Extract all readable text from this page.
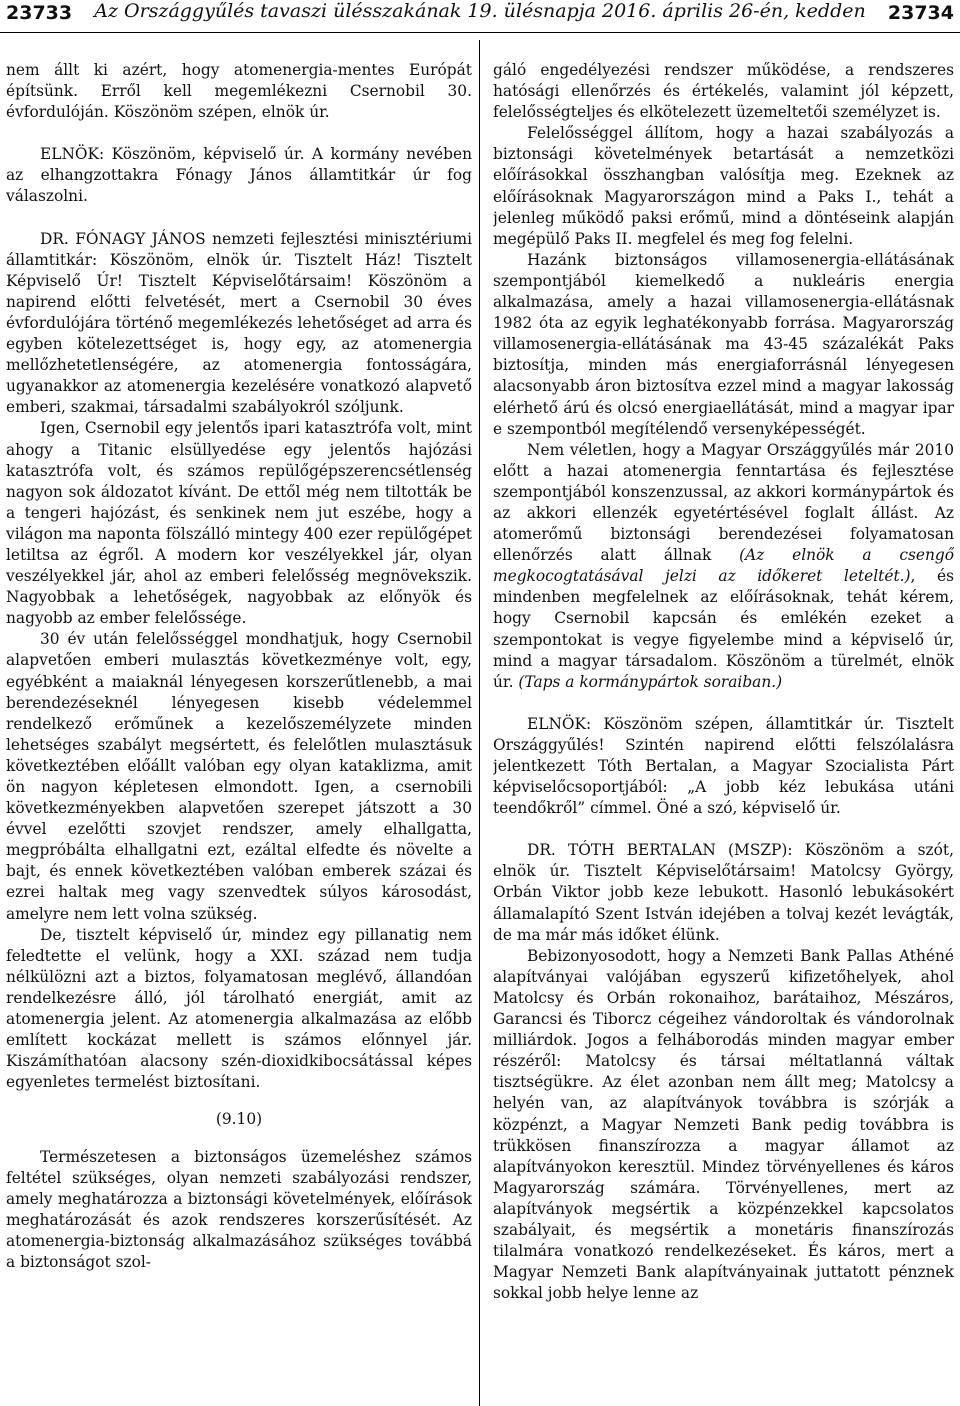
23733	Az Országgyűlés tavaszi ülésszakának 19. ülésnapja 2016. április 26-én, kedden	23734

nem állt ki azért, hogy atomenergia-mentes Európát építsünk. Erről kell megemlékezni Csernobil 30. évfordulóján. Köszönöm szépen, elnök úr.

ELNÖK: Köszönöm, képviselő úr. A kormány nevében az elhangzottakra Fónagy János államtitkár úr fog válaszolni.

DR. FÓNAGY JÁNOS nemzeti fejlesztési minisztériumi államtitkár: Köszönöm, elnök úr. Tisztelt Ház! Tisztelt Képviselő Úr! Tisztelt Képviselőtársaim! Köszönöm a napirend előtti felvetését, mert a Csernobil 30 éves évfordulójára történő megemlékezés lehetőséget ad arra és egyben kötelezettséget is, hogy egy, az atomenergia mellőzhetetlenségére, az atomenergia fontosságára, ugyanakkor az atomenergia kezelésére vonatkozó alapvető emberi, szakmai, társadalmi szabályokról szóljunk.

Igen, Csernobil egy jelentős ipari katasztrófa volt, mint ahogy a Titanic elsüllyedése egy jelentős hajózási katasztrófa volt, és számos repülőgépszerencsétlenség nagyon sok áldozatot kívánt. De ettől még nem tiltották be a tengeri hajózást, és senkinek nem jut eszébe, hogy a világon ma naponta fölszálló mintegy 400 ezer repülőgépet letiltsa az égről. A modern kor veszélyekkel jár, olyan veszélyekkel jár, ahol az emberi felelősség megnövekszik. Nagyobbak a lehetőségek, nagyobbak az előnyök és nagyobb az ember felelőssége.

30 év után felelősséggel mondhatjuk, hogy Csernobil alapvetően emberi mulasztás következménye volt, egy, egyébként a maiaknál lényegesen korszerűtlenebb, a mai berendezéseknél lényegesen kisebb védelemmel rendelkező erőműnek a kezelőszemélyzete minden lehetséges szabályt megsértett, és felelőtlen mulasztásuk következtében előállt valóban egy olyan kataklizma, amit ön nagyon képletesen elmondott. Igen, a csernobili következményekben alapvetően szerepet játszott a 30 évvel ezelőtti szovjet rendszer, amely elhallgatta, megpróbálta elhallgatni ezt, ezáltal elfedte és növelte a bajt, és ennek következtében valóban emberek százai és ezrei haltak meg vagy szenvedtek súlyos károsodást, amelyre nem lett volna szükség.

De, tisztelt képviselő úr, mindez egy pillanatig nem feledtette el velünk, hogy a XXI. század nem tudja nélkülözni azt a biztos, folyamatosan meglévő, állandóan rendelkezésre álló, jól tárolható energiát, amit az atomenergia jelent. Az atomenergia alkalmazása az előbb említett kockázat mellett is számos előnnyel jár. Kiszámíthatóan alacsony szén-dioxidkibocsátással képes egyenletes termelést biztosítani.

(9.10)

Természetesen a biztonságos üzemeléshez számos feltétel szükséges, olyan nemzeti szabályozási rendszer, amely meghatározza a biztonsági követelmények, előírások meghatározását és azok rendszeres korszerűsítését. Az atomenergia-biztonság alkalmazásához szükséges továbbá a biztonságot szol-

gáló engedélyezési rendszer működése, a rendszeres hatósági ellenőrzés és értékelés, valamint jól képzett, felelősségteljes és elkötelezett üzemeltetői személyzet is.

Felelősséggel állítom, hogy a hazai szabályozás a biztonsági követelmények betartását a nemzetközi előírásokkal összhangban valósítja meg. Ezeknek az előírásoknak Magyarországon mind a Paks I., tehát a jelenleg működő paksi erőmű, mind a döntéseink alapján megépülő Paks II. megfelel és meg fog felelni.

Hazánk biztonságos villamosenergia-ellátásának szempontjából kiemelkedő a nukleáris energia alkalmazása, amely a hazai villamosenergia-ellátásnak 1982 óta az egyik leghatékonyabb forrása. Magyarország villamosenergia-ellátásának ma 43-45 százalékát Paks biztosítja, minden más energiaforrásnál lényegesen alacsonyabb áron biztosítva ezzel mind a magyar lakosság elérhető árú és olcsó energiaellátását, mind a magyar ipar e szempontból megítélendő versenyképességét.

Nem véletlen, hogy a Magyar Országgyűlés már 2010 előtt a hazai atomenergia fenntartása és fejlesztése szempontjából konszenzussal, az akkori kormánypártok és az akkori ellenzék egyetértésével foglalt állást. Az atomerőmű biztonsági berendezései folyamatosan ellenőrzés alatt állnak (Az elnök a csengő megkocogtatásával jelzi az időkeret leteltét.), és mindenben megfelelnek az előírásoknak, tehát kérem, hogy Csernobil kapcsán és emlékén ezeket a szempontokat is vegye figyelembe mind a képviselő úr, mind a magyar társadalom. Köszönöm a türelmét, elnök úr. (Taps a kormánypártok soraiban.)

ELNÖK: Köszönöm szépen, államtitkár úr. Tisztelt Országgyűlés! Szintén napirend előtti felszólalásra jelentkezett Tóth Bertalan, a Magyar Szocialista Párt képviselőcsoportjából: „A jobb kéz lebukása utáni teendőkről” címmel. Öné a szó, képviselő úr.

DR. TÓTH BERTALAN (MSZP): Köszönöm a szót, elnök úr. Tisztelt Képviselőtársaim! Matolcsy György, Orbán Viktor jobb keze lebukott. Hasonló lebukásokért államalapító Szent István idejében a tolvaj kezét levágták, de ma már más időket élünk.

Bebizonyosodott, hogy a Nemzeti Bank Pallas Athéné alapítványai valójában egyszerű kifizetőhelyek, ahol Matolcsy és Orbán rokonaihoz, barátaihoz, Mészáros, Garancsi és Tiborcz cégeihez vándoroltak és vándorolnak milliárdok. Jogos a felháborodás minden magyar ember részéről: Matolcsy és társai méltatlanná váltak tisztségükre. Az élet azonban nem állt meg; Matolcsy a helyén van, az alapítványok továbbra is szórják a közpénzt, a Magyar Nemzeti Bank pedig továbbra is trükkösen finanszírozza a magyar államot az alapítványokon keresztül. Mindez törvényellenes és káros Magyarország számára. Törvényellenes, mert az alapítványok megsértik a közpénzekkel kapcsolatos szabályait, és megsértik a monetáris finanszírozás tilalmára vonatkozó rendelkezéseket. És káros, mert a Magyar Nemzeti Bank alapítványainak juttatott pénznek sokkal jobb helye lenne az
